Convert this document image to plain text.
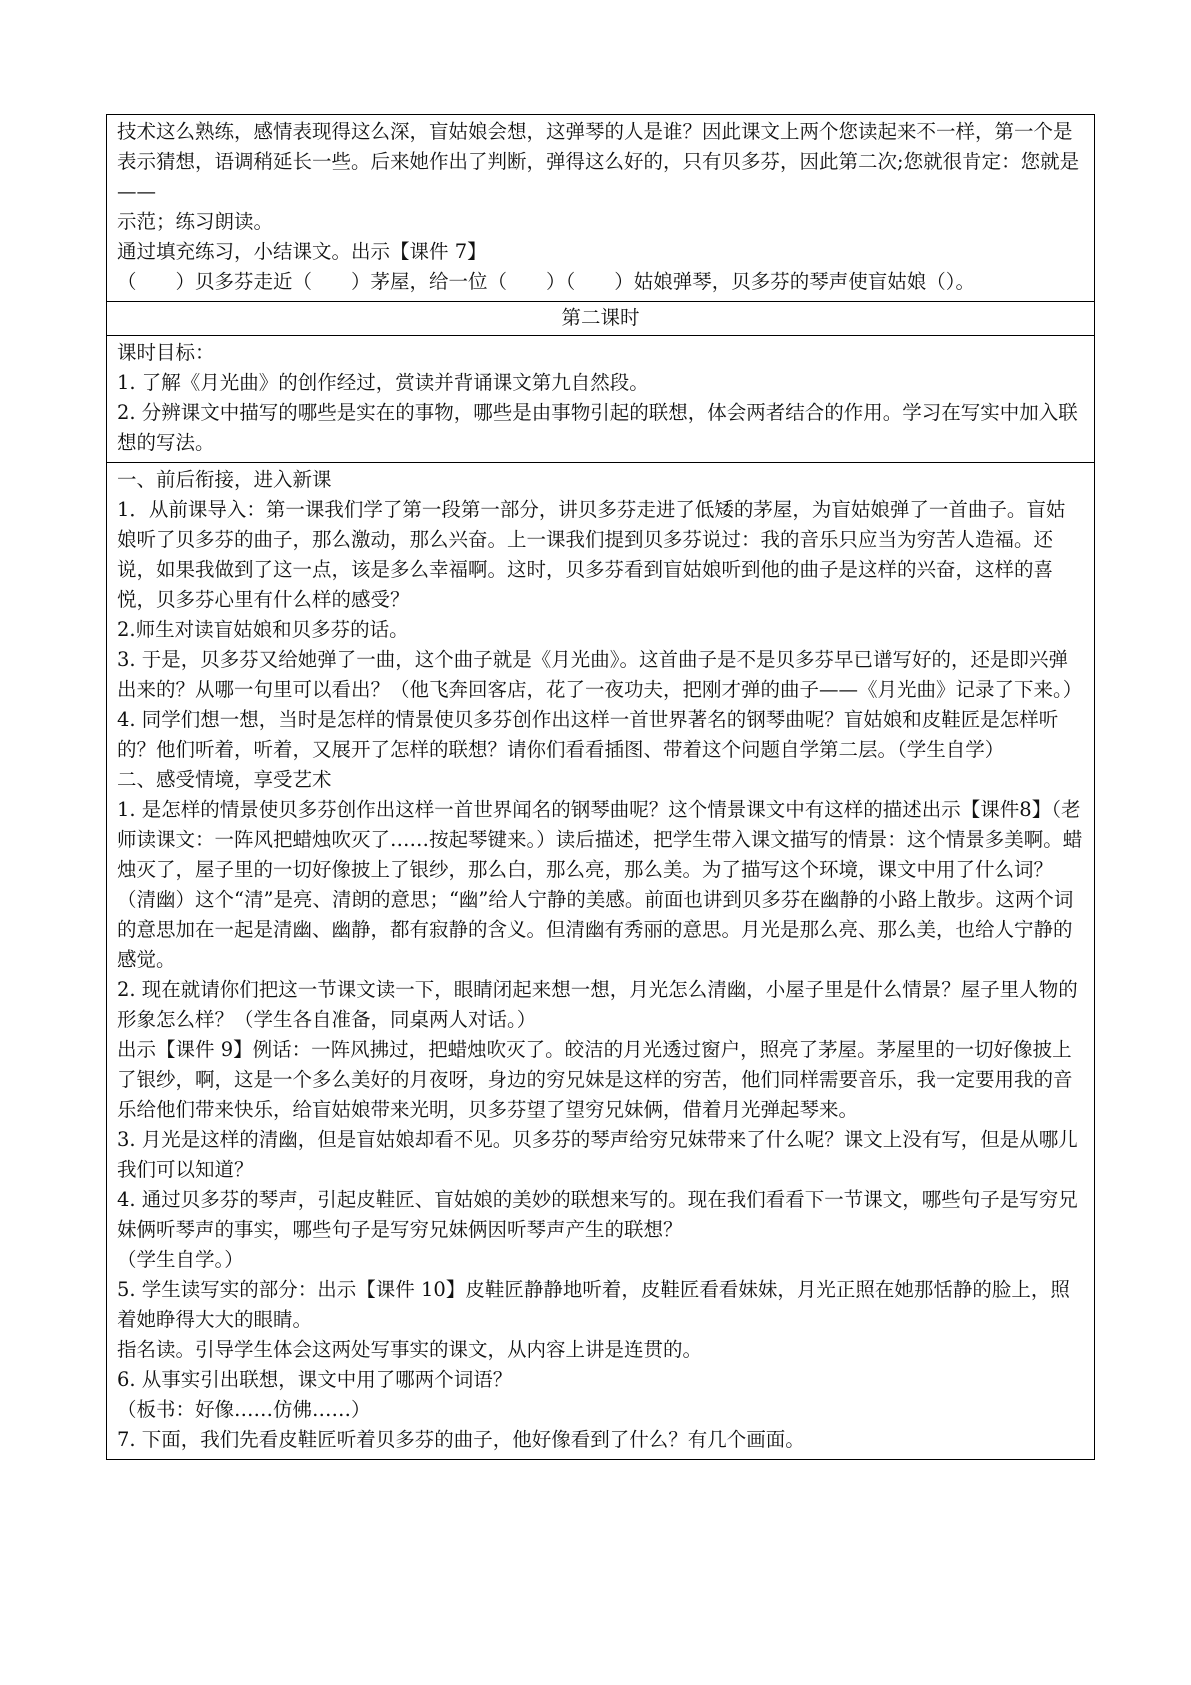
技术这么熟练，感情表现得这么深，盲姑娘会想，这弹琴的人是谁？因此课文上两个您读起来不一样，第一个是表示猜想，语调稍延长一些。后来她作出了判断，弹得这么好的，只有贝多芬，因此第二次;您就很肯定：您就是——
示范；练习朗读。
通过填充练习，小结课文。出示【课件 7】
（　　）贝多芬走近（　　）茅屋，给一位（　　）（　　）姑娘弹琴，贝多芬的琴声使盲姑娘（）。

第二课时

课时目标：
1. 了解《月光曲》的创作经过，赏读并背诵课文第九自然段。
2. 分辨课文中描写的哪些是实在的事物，哪些是由事物引起的联想，体会两者结合的作用。学习在写实中加入联想的写法。

一、前后衔接，进入新课
1．从前课导入：第一课我们学了第一段第一部分，讲贝多芬走进了低矮的茅屋，为盲姑娘弹了一首曲子。盲姑娘听了贝多芬的曲子，那么激动，那么兴奋。上一课我们提到贝多芬说过：我的音乐只应当为穷苦人造福。还说，如果我做到了这一点，该是多么幸福啊。这时，贝多芬看到盲姑娘听到他的曲子是这样的兴奋，这样的喜悦，贝多芬心里有什么样的感受？
2.师生对读盲姑娘和贝多芬的话。
3. 于是，贝多芬又给她弹了一曲，这个曲子就是《月光曲》。这首曲子是不是贝多芬早已谱写好的，还是即兴弹出来的？从哪一句里可以看出？（他飞奔回客店，花了一夜功夫，把刚才弹的曲子——《月光曲》记录了下来。）
4. 同学们想一想，当时是怎样的情景使贝多芬创作出这样一首世界著名的钢琴曲呢？盲姑娘和皮鞋匠是怎样听的？他们听着，听着，又展开了怎样的联想？请你们看看插图、带着这个问题自学第二层。（学生自学）
二、感受情境，享受艺术
1. 是怎样的情景使贝多芬创作出这样一首世界闻名的钢琴曲呢？这个情景课文中有这样的描述出示【课件8】（老师读课文：一阵风把蜡烛吹灭了……按起琴键来。）读后描述，把学生带入课文描写的情景：这个情景多美啊。蜡烛灭了，屋子里的一切好像披上了银纱，那么白，那么亮，那么美。为了描写这个环境，课文中用了什么词？（清幽）这个“清”是亮、清朗的意思；“幽”给人宁静的美感。前面也讲到贝多芬在幽静的小路上散步。这两个词的意思加在一起是清幽、幽静，都有寂静的含义。但清幽有秀丽的意思。月光是那么亮、那么美，也给人宁静的感觉。
2. 现在就请你们把这一节课文读一下，眼睛闭起来想一想，月光怎么清幽，小屋子里是什么情景？屋子里人物的形象怎么样？（学生各自准备，同桌两人对话。）
出示【课件 9】例话：一阵风拂过，把蜡烛吹灭了。皎洁的月光透过窗户，照亮了茅屋。茅屋里的一切好像披上了银纱，啊，这是一个多么美好的月夜呀，身边的穷兄妹是这样的穷苦，他们同样需要音乐，我一定要用我的音乐给他们带来快乐，给盲姑娘带来光明，贝多芬望了望穷兄妹俩，借着月光弹起琴来。
3. 月光是这样的清幽，但是盲姑娘却看不见。贝多芬的琴声给穷兄妹带来了什么呢？课文上没有写，但是从哪儿我们可以知道？
4. 通过贝多芬的琴声，引起皮鞋匠、盲姑娘的美妙的联想来写的。现在我们看看下一节课文，哪些句子是写穷兄妹俩听琴声的事实，哪些句子是写穷兄妹俩因听琴声产生的联想？
（学生自学。）
5. 学生读写实的部分：出示【课件 10】皮鞋匠静静地听着，皮鞋匠看看妹妹，月光正照在她那恬静的脸上，照着她睁得大大的眼睛。
指名读。引导学生体会这两处写事实的课文，从内容上讲是连贯的。
6. 从事实引出联想，课文中用了哪两个词语？
（板书：好像……仿佛……）
7. 下面，我们先看皮鞋匠听着贝多芬的曲子，他好像看到了什么？有几个画面。
